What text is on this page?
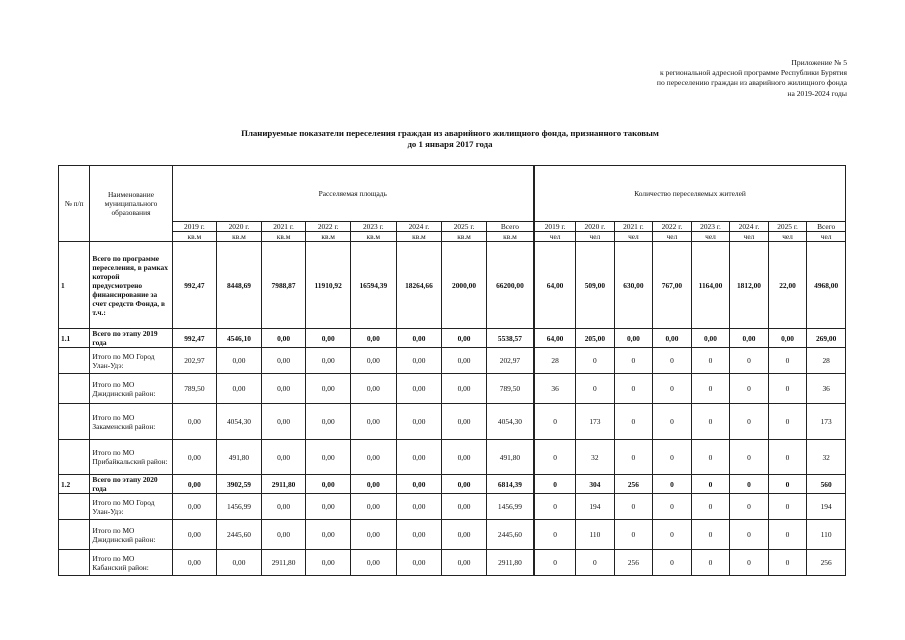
Приложение № 5
к региональной адресной программе Республики Бурятия
по переселению граждан из аварийного жилищного фонда
на 2019-2024 годы
Планируемые показатели переселения граждан из аварийного жилищного фонда, признанного таковым
до 1 января 2017 года
№ п/п	Наименование муниципального образования	Расселяемая площадь								Количество переселяемых жителей							
		2019 г.	2020 г.	2021 г.	2022 г.	2023 г.	2024 г.	2025 г.	Всего	2019 г.	2020 г.	2021 г.	2022 г.	2023 г.	2024 г.	2025 г.	Всего
		кв.м	кв.м	кв.м	кв.м	кв.м	кв.м	кв.м	кв.м	чел	чел	чел	чел	чел	чел	чел	чел
1	Всего по программе переселения, в рамках которой предусмотрено финансирование за счет средств Фонда, в т.ч.:	992,47	8448,69	7988,87	11910,92	16594,39	18264,66	2000,00	66200,00	64,00	509,00	630,00	767,00	1164,00	1812,00	22,00	4968,00
1.1	Всего по этапу 2019 года	992,47	4546,10	0,00	0,00	0,00	0,00	0,00	5538,57	64,00	205,00	0,00	0,00	0,00	0,00	0,00	269,00
	Итого по МО Город Улан-Удэ:	202,97	0,00	0,00	0,00	0,00	0,00	0,00	202,97	28	0	0	0	0	0	0	28
	Итого по МО Джидинский район:	789,50	0,00	0,00	0,00	0,00	0,00	0,00	789,50	36	0	0	0	0	0	0	36
	Итого по МО Закаменский район:	0,00	4054,30	0,00	0,00	0,00	0,00	0,00	4054,30	0	173	0	0	0	0	0	173
	Итого по МО Прибайкальский район:	0,00	491,80	0,00	0,00	0,00	0,00	0,00	491,80	0	32	0	0	0	0	0	32
1.2	Всего по этапу 2020 года	0,00	3902,59	2911,80	0,00	0,00	0,00	0,00	6814,39	0	304	256	0	0	0	0	560
	Итого по МО Город Улан-Удэ:	0,00	1456,99	0,00	0,00	0,00	0,00	0,00	1456,99	0	194	0	0	0	0	0	194
	Итого по МО Джидинский район:	0,00	2445,60	0,00	0,00	0,00	0,00	0,00	2445,60	0	110	0	0	0	0	0	110
	Итого по МО Кабанский район:	0,00	0,00	2911,80	0,00	0,00	0,00	0,00	2911,80	0	0	256	0	0	0	0	256
